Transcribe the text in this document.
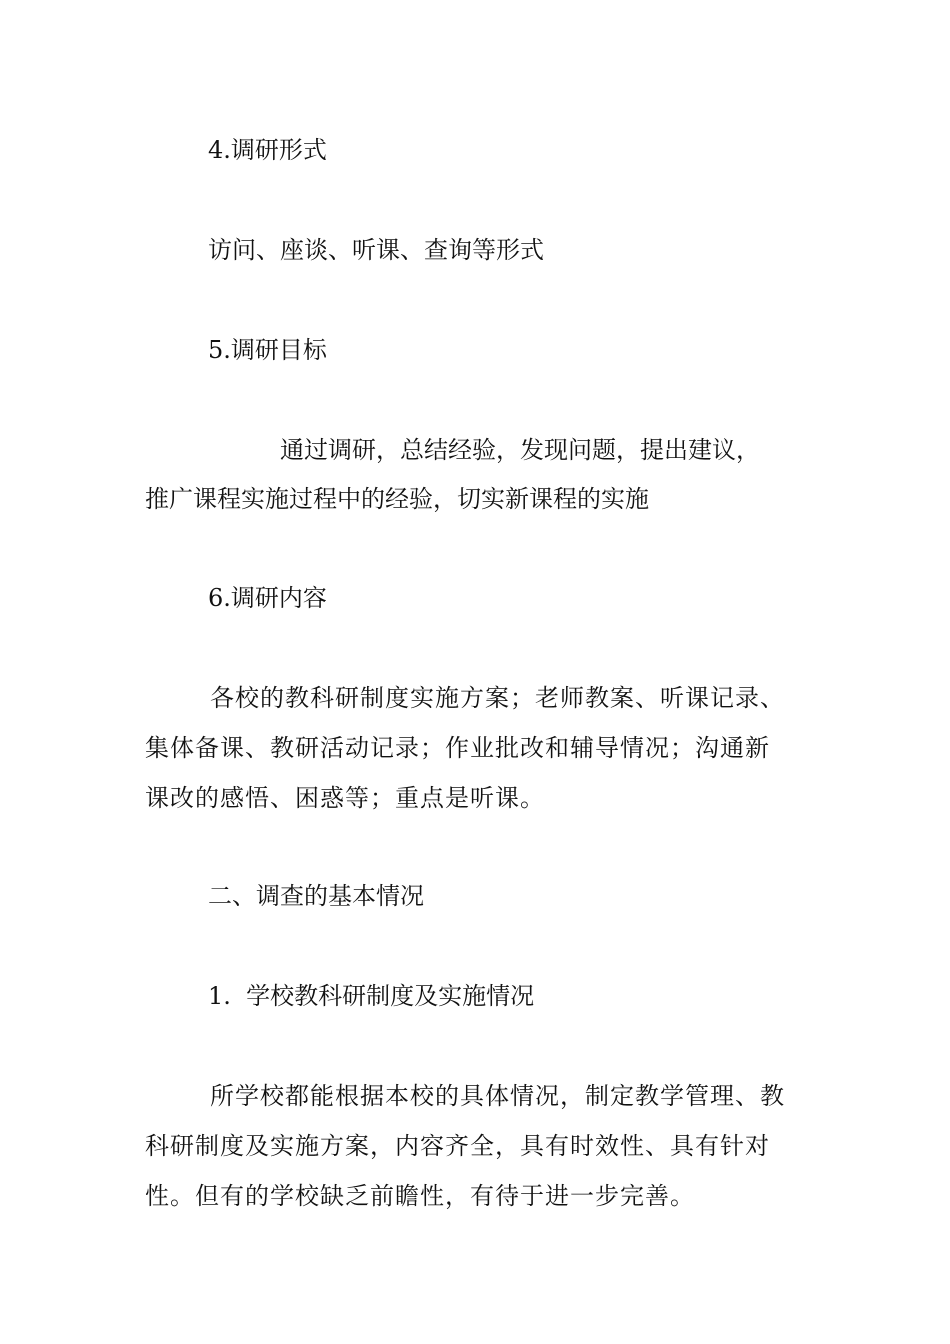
4.调研形式
访问、座谈、听课、查询等形式
5.调研目标
通过调研，总结经验，发现问题，提出建议，
推广课程实施过程中的经验，切实新课程的实施
6.调研内容
各校的教科研制度实施方案；老师教案、听课记录、
集体备课、教研活动记录；作业批改和辅导情况；沟通新
课改的感悟、困惑等；重点是听课。
二、调查的基本情况
1.  学校教科研制度及实施情况
所学校都能根据本校的具体情况，制定教学管理、教
科研制度及实施方案，内容齐全，具有时效性、具有针对
性。但有的学校缺乏前瞻性，有待于进一步完善。
